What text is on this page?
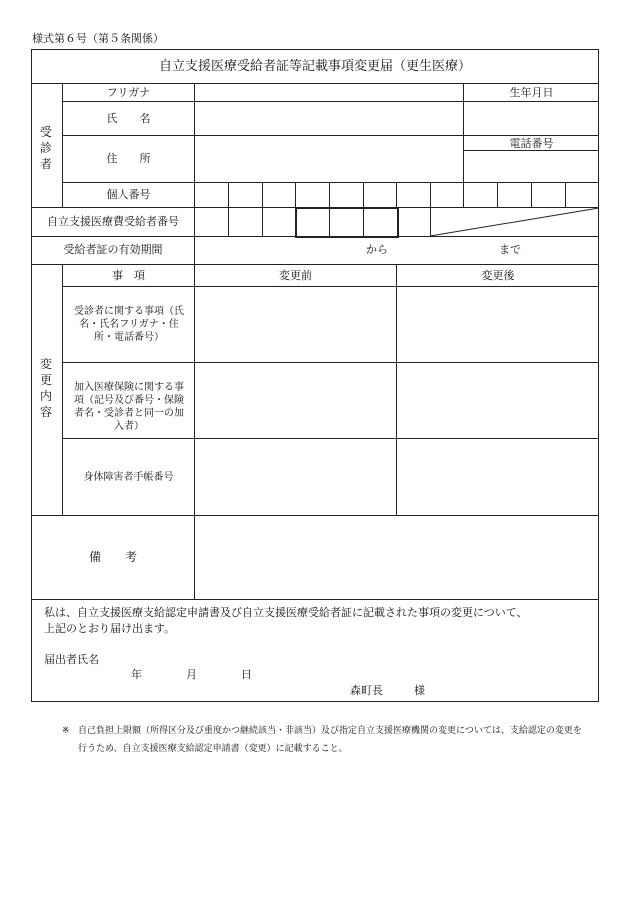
様式第６号（第５条関係）
自立支援医療受給者証等記載事項変更届（更生医療）
受診者
フリガナ	生年月日
氏　　名
住　　所
電話番号
個人番号
自立支援医療費受給者番号
受給者証の有効期間	から	まで
変更内容
事　項	変更前	変更後
受診者に関する事項（氏名・氏名フリガナ・住所・電話番号）
加入医療保険に関する事項（記号及び番号・保険者名・受診者と同一の加入者）
身体障害者手帳番号
備　　考
私は、自立支援医療支給認定申請書及び自立支援医療受給者証に記載された事項の変更について、
上記のとおり届け出ます。
届出者氏名
年	月	日
森町長	様
※ 自己負担上限額（所得区分及び重度かつ継続該当・非該当）及び指定自立支援医療機関の変更については、支給認定の変更を
行うため、自立支援医療支給認定申請書（変更）に記載すること。
